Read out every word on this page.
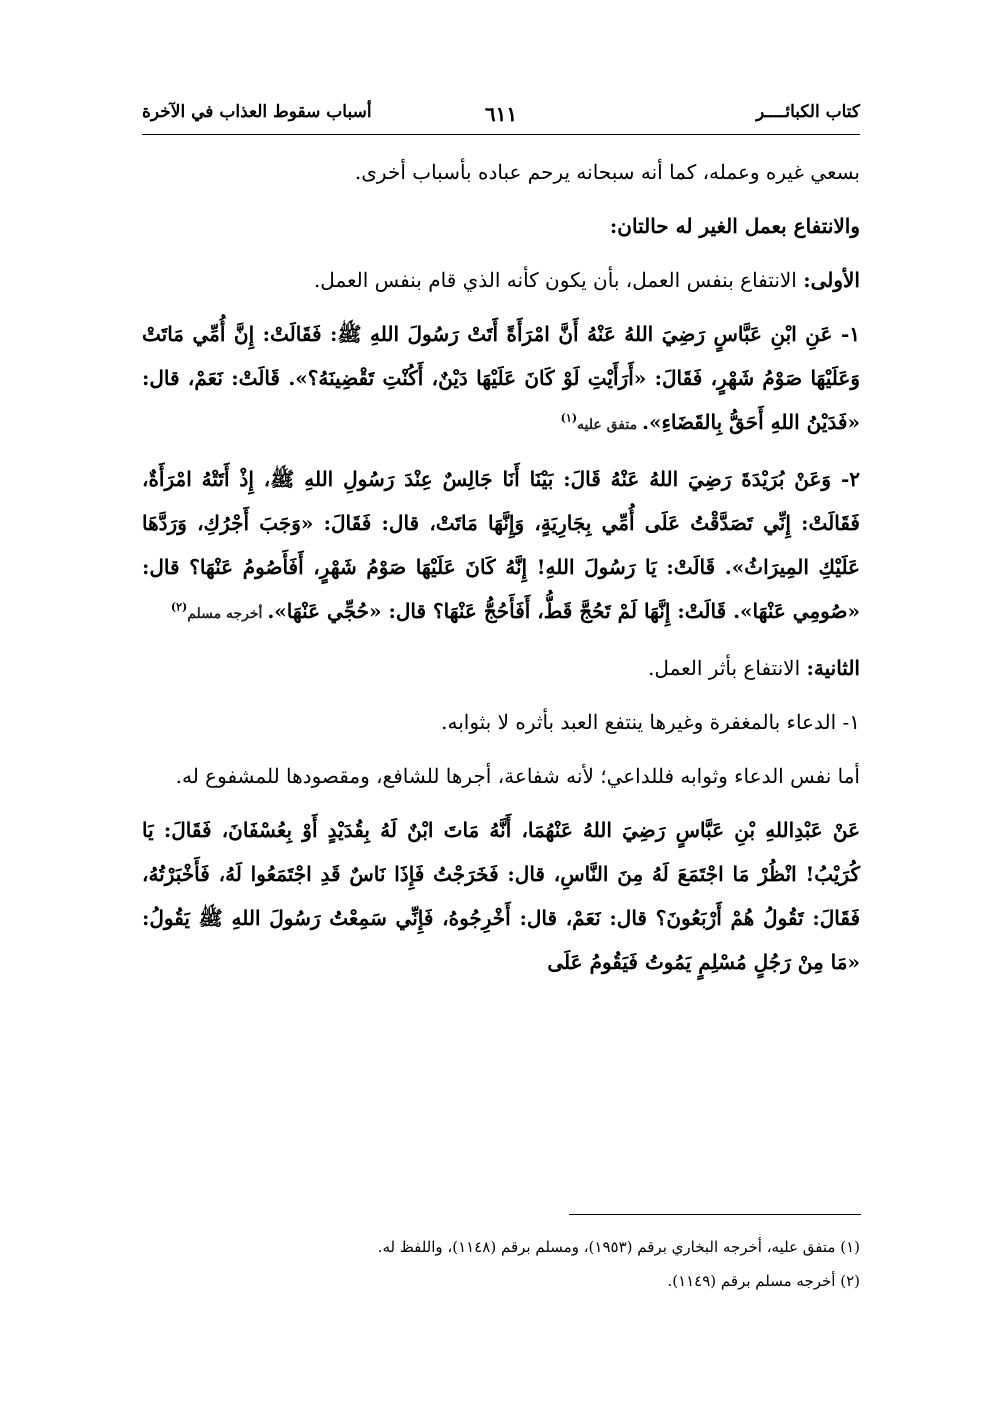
كتاب الكبائــــر
٦١١
أسباب سقوط العذاب في الآخرة

بسعي غيره وعمله، كما أنه سبحانه يرحم عباده بأسباب أخرى.

والانتفاع بعمل الغير له حالتان:

الأولى: الانتفاع بنفس العمل، بأن يكون كأنه الذي قام بنفس العمل.

١- عَنِ ابْنِ عَبَّاسٍ رَضِيَ اللهُ عَنْهُ أَنَّ امْرَأَةً أَتَتْ رَسُولَ اللهِ ﷺ: فَقَالَتْ: إِنَّ أُمِّي مَاتَتْ وَعَلَيْهَا صَوْمُ شَهْرٍ، فَقَالَ: «أَرَأَيْتِ لَوْ كَانَ عَلَيْهَا دَيْنٌ، أَكُنْتِ تَقْضِينَهُ؟». قَالَتْ: نَعَمْ، قال: «فَدَيْنُ اللهِ أَحَقُّ بِالقَضَاءِ». متفق عليه$^{(١)}$

٢- وَعَنْ بُرَيْدَةَ رَضِيَ اللهُ عَنْهُ قَالَ: بَيْنَا أَنَا جَالِسٌ عِنْدَ رَسُولِ اللهِ ﷺ، إِذْ أَتَتْهُ امْرَأَةٌ، فَقَالَتْ: إِنِّي تَصَدَّقْتُ عَلَى أُمِّي بِجَارِيَةٍ، وَإِنَّهَا مَاتَتْ، قال: فَقَالَ: «وَجَبَ أَجْرُكِ، وَرَدَّهَا عَلَيْكِ المِيرَاثُ». قَالَتْ: يَا رَسُولَ اللهِ! إِنَّهُ كَانَ عَلَيْهَا صَوْمُ شَهْرٍ، أَفَأَصُومُ عَنْهَا؟ قال: «صُومِي عَنْهَا». قَالَتْ: إِنَّهَا لَمْ تَحُجَّ قَطُّ، أَفَأَحُجُّ عَنْهَا؟ قال: «حُجِّي عَنْهَا». أخرجه مسلم$^{(٢)}$

الثانية: الانتفاع بأثر العمل.

١- الدعاء بالمغفرة وغيرها ينتفع العبد بأثره لا بثوابه.

أما نفس الدعاء وثوابه فللداعي؛ لأنه شفاعة، أجرها للشافع، ومقصودها للمشفوع له.

عَنْ عَبْدِاللهِ بْنِ عَبَّاسٍ رَضِيَ اللهُ عَنْهُمَا، أَنَّهُ مَاتَ ابْنٌ لَهُ بِقُدَيْدٍ أَوْ بِعُسْفَانَ، فَقَالَ: يَا كُرَيْبُ! انْظُرْ مَا اجْتَمَعَ لَهُ مِنَ النَّاسِ، قال: فَخَرَجْتُ فَإِذَا نَاسٌ قَدِ اجْتَمَعُوا لَهُ، فَأَخْبَرْتُهُ، فَقَالَ: تَقُولُ هُمْ أَرْبَعُونَ؟ قال: نَعَمْ، قال: أَخْرِجُوهُ، فَإِنِّي سَمِعْتُ رَسُولَ اللهِ ﷺ يَقُولُ: «مَا مِنْ رَجُلٍ مُسْلِمٍ يَمُوتُ فَيَقُومُ عَلَى

(١) متفق عليه، أخرجه البخاري برقم (١٩٥٣)، ومسلم برقم (١١٤٨)، واللفظ له.
(٢) أخرجه مسلم برقم (١١٤٩).
